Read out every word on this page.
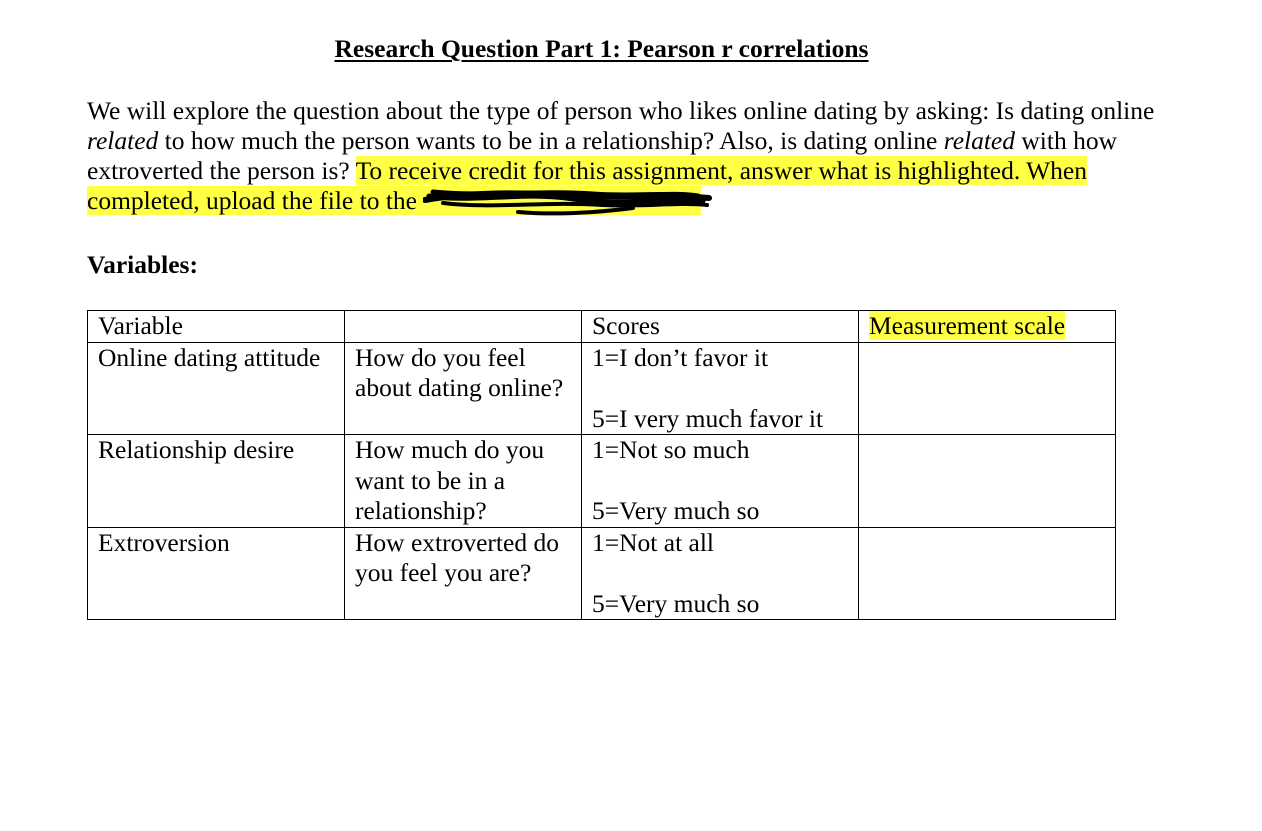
Research Question Part 1: Pearson r correlations
We will explore the question about the type of person who likes online dating by asking: Is dating online related to how much the person wants to be in a relationship? Also, is dating online related with how extroverted the person is? To receive credit for this assignment, answer what is highlighted. When completed, upload the file to the
Variables:
Variable		Scores	Measurement scale
Online dating attitude	How do you feel about dating online?	1=I don’t favor it
5=I very much favor it	

Relationship desire	How much do you want to be in a relationship?	1=Not so much
5=Very much so	

Extroversion	How extroverted do you feel you are?	1=Not at all
5=Very much so	
